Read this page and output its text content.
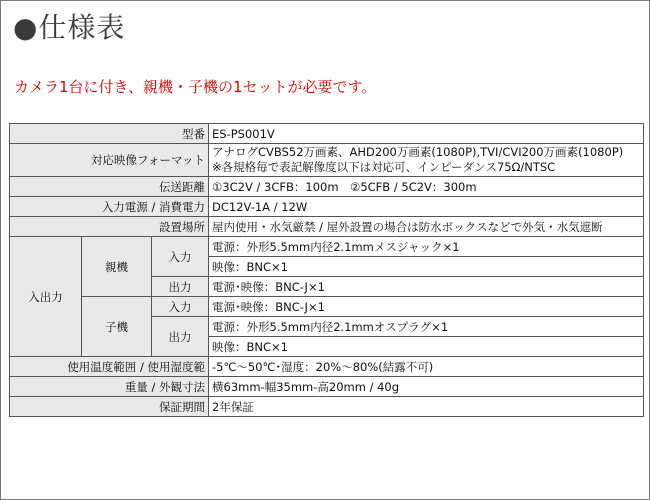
●仕様表
カメラ1台に付き、親機・子機の1セットが必要です。
型番			ES-PS001V
対応映像フォーマット			アナログCVBS52万画素、AHD200万画素(1080P),TVI/CVI200万画素(1080P)
※各規格毎で表記解像度以下は対応可、インピーダンス75Ω/NTSC

伝送距離			①3C2V / 3CFB：100m　②5CFB / 5C2V：300m
入力電源 / 消費電力			DC12V-1A / 12W
設置場所			屋内使用・水気厳禁 / 屋外設置の場合は防水ボックスなどで外気・水気遮断
入出力	親機	入力	電源：外形5.5mm内径2.1mmメスジャック×1
			映像：BNC×1
		出力	電源･映像：BNC-J×1
	子機	入力	電源･映像：BNC-J×1
		出力	電源：外形5.5mm内径2.1mmオスプラグ×1
			映像：BNC×1
使用温度範囲 / 使用湿度範			-5℃～50℃･湿度：20%～80%(結露不可)
重量 / 外観寸法			横63mm-幅35mm-高20mm / 40g
保証期間			2年保証
